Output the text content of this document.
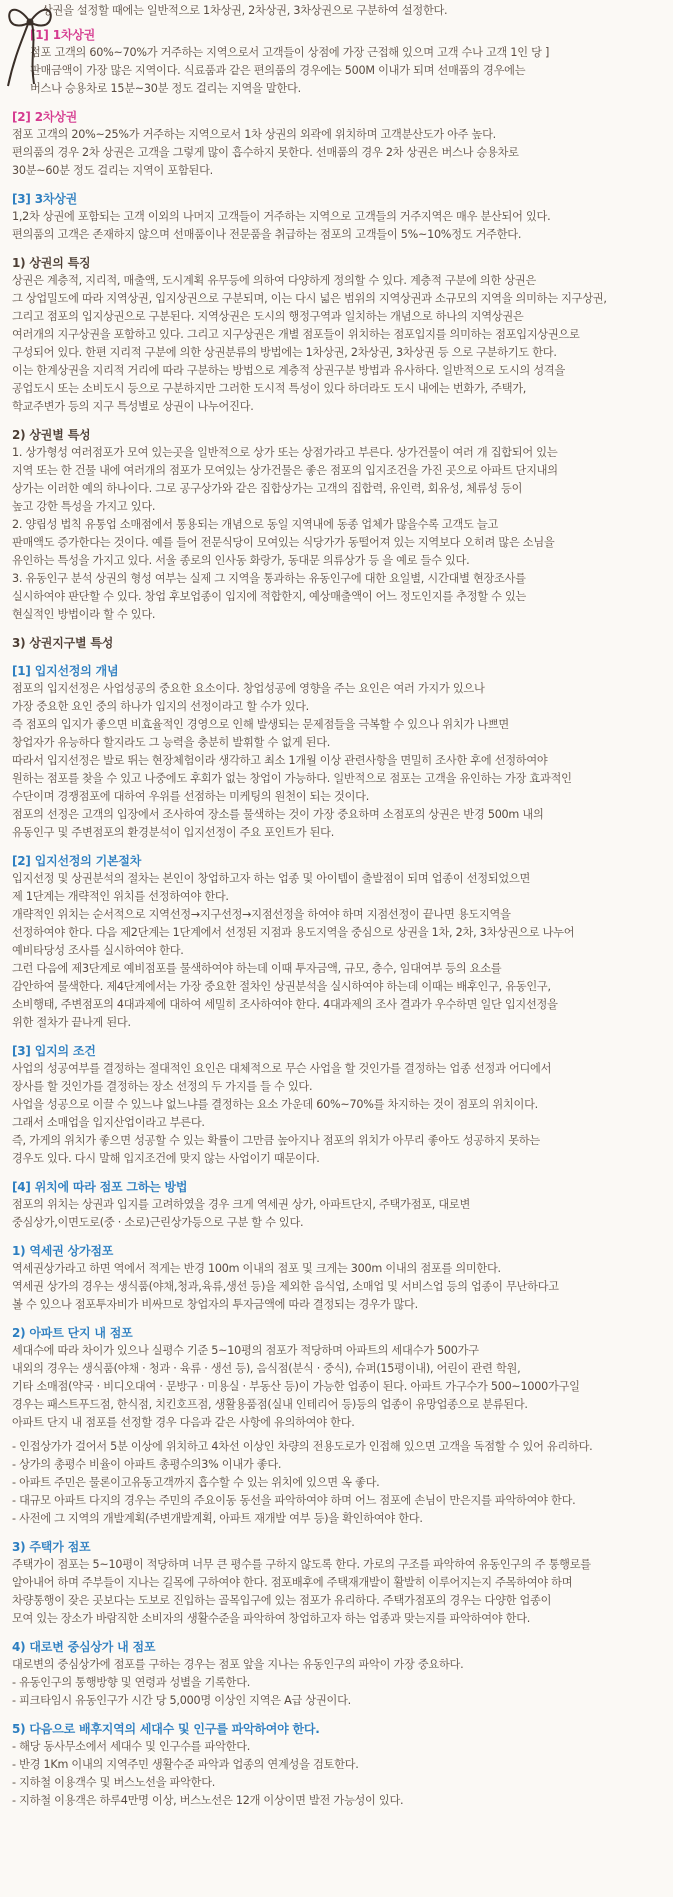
상권을 설정할 때에는 일반적으로 1차상권, 2차상권, 3차상권으로 구분하여 설정한다.
[1] 1차상권
점포 고객의 60%~70%가 거주하는 지역으로서 고객들이 상점에 가장 근접해 있으며 고객 수나 고객 1인 당 ]
판매금액이 가장 많은 지역이다. 식료품과 같은 편의품의 경우에는 500M 이내가 되며 선매품의 경우에는
버스나 승용차로 15분~30분 정도 걸리는 지역을 말한다.
[2] 2차상권
점포 고객의 20%~25%가 거주하는 지역으로서 1차 상권의 외곽에 위치하며 고객분산도가 아주 높다.
편의품의 경우 2차 상권은 고객을 그렇게 많이 흡수하지 못한다. 선매품의 경우 2차 상권은 버스나 승용차로
30분~60분 정도 걸리는 지역이 포함된다.
[3] 3차상권
1,2차 상권에 포함되는 고객 이외의 나머지 고객들이 거주하는 지역으로 고객들의 거주지역은 매우 분산되어 있다.
편의품의 고객은 존재하지 않으며 선매품이나 전문품을 취급하는 점포의 고객들이 5%~10%정도 거주한다.
1) 상권의 특징
상권은 계층적, 지리적, 매출액, 도시계획 유무등에 의하여 다양하게 정의할 수 있다. 계층적 구분에 의한 상권은
그 상업밀도에 따라 지역상권, 입지상권으로 구분되며, 이는 다시 넓은 범위의 지역상권과 소규모의 지역을 의미하는 지구상권,
그리고 점포의 입지상권으로 구분된다. 지역상권은 도시의 행정구역과 일치하는 개념으로 하나의 지역상권은
여러개의 지구상권을 포함하고 있다. 그리고 지구상권은 개별 점포들이 위치하는 점포입지를 의미하는 점포입지상권으로
구성되어 있다. 한편 지리적 구분에 의한 상권분류의 방법에는 1차상권, 2차상권, 3차상권 등 으로 구분하기도 한다.
이는 한계상권을 지리적 거리에 따라 구분하는 방법으로 계층적 상권구분 방법과 유사하다. 일반적으로 도시의 성격을
공업도시 또는 소비도시 등으로 구분하지만 그러한 도시적 특성이 있다 하더라도 도시 내에는 번화가, 주택가,
학교주변가 등의 지구 특성별로 상권이 나누어진다.
2) 상권별 특성
1. 상가형성 여러점포가 모여 있는곳을 일반적으로 상가 또는 상점가라고 부른다. 상가건물이 여러 개 집합되어 있는
지역 또는 한 건물 내에 여러개의 점포가 모여있는 상가건물은 좋은 점포의 입지조건을 가진 곳으로 아파트 단지내의
상가는 이러한 예의 하나이다. 그로 공구상가와 같은 집합상가는 고객의 집합력, 유인력, 회유성, 체류성 등이
높고 강한 특성을 가지고 있다.
2. 양립성 법칙 유통업 소매점에서 통용되는 개념으로 동일 지역내에 동종 업체가 많을수록 고객도 늘고
판매액도 증가한다는 것이다. 예를 들어 전문식당이 모여있는 식당가가 동떨어져 있는 지역보다 오히려 많은 소님을
유인하는 특성을 가지고 있다. 서울 종로의 인사동 화랑가, 동대문 의류상가 등 을 예로 들수 있다.
3. 유동인구 분석 상권의 형성 여부는 실제 그 지역을 통과하는 유동인구에 대한 요일별, 시간대별 현장조사를
실시하여야 판단할 수 있다. 창업 후보업종이 입지에 적합한지, 예상매출액이 어느 정도인지를 추정할 수 있는
현실적인 방법이라 할 수 있다.
3) 상권지구별 특성
[1] 입지선정의 개념
점포의 입지선정은 사업성공의 중요한 요소이다. 창업성공에 영향을 주는 요인은 여러 가지가 있으나
가장 중요한 요인 중의 하나가 입지의 선정이라고 할 수가 있다.
즉 점포의 입지가 좋으면 비효율적인 경영으로 인해 발생되는 문제점들을 극복할 수 있으나 위치가 나쁘면
창업자가 유능하다 할지라도 그 능력을 충분히 발휘할 수 없게 된다.
따라서 입지선정은 발로 뛰는 현장체험이라 생각하고 최소 1개월 이상 관련사항을 면밀히 조사한 후에 선정하여야
원하는 점포를 찾을 수 있고 나중에도 후회가 없는 창업이 가능하다. 일반적으로 점포는 고객을 유인하는 가장 효과적인
수단이며 경쟁점포에 대하여 우위를 선점하는 미케팅의 원천이 되는 것이다.
점포의 선정은 고객의 입장에서 조사하여 장소를 물색하는 것이 가장 중요하며 소점포의 상권은 반경 500m 내의
유동인구 및 주변점포의 환경분석이 입지선정이 주요 포인트가 된다.
[2] 입지선정의 기본절차
입지선정 및 상권분석의 절차는 본인이 창업하고자 하는 업종 및 아이템이 출발점이 되며 업종이 선정되었으면
제 1단계는 개략적인 위치를 선정하여야 한다.
개략적인 위치는 순서적으로 지역선정→지구선정→지점선정을 하여야 하며 지점선정이 끝나면 용도지역을
선정하여야 한다. 다음 제2단계는 1단계에서 선정된 지점과 용도지역을 중심으로 상권을 1차, 2차, 3차상권으로 나누어
예비타당성 조사를 실시하여야 한다.
그런 다음에 제3단계로 예비점포를 물색하여야 하는데 이때 투자금액, 규모, 층수, 임대여부 등의 요소를
감안하여 물색한다. 제4단계에서는 가장 중요한 절차인 상권분석을 실시하여야 하는데 이때는 배후인구, 유동인구,
소비행태, 주변점포의 4대과제에 대하여 세밀히 조사하여야 한다. 4대과제의 조사 결과가 우수하면 일단 입지선정을
위한 절차가 끝나게 된다.
[3] 입지의 조건
사업의 성공여부를 결정하는 절대적인 요인은 대체적으로 무슨 사업을 할 것인가를 결정하는 업종 선정과 어디에서
장사를 할 것인가를 결정하는 장소 선정의 두 가지를 들 수 있다.
사업을 성공으로 이끌 수 있느냐 없느냐를 결정하는 요소 가운데 60%~70%를 차지하는 것이 점포의 위치이다.
그래서 소매업을 입지산업이라고 부른다.
즉, 가게의 위치가 좋으면 성공할 수 있는 확률이 그만큼 높아지나 점포의 위치가 아무리 좋아도 성공하지 못하는
경우도 있다. 다시 말해 입지조건에 맞지 않는 사업이기 때문이다.
[4] 위치에 따라 점포 그하는 방법
점포의 위치는 상권과 입지를 고려하였을 경우 크게 역세권 상가, 아파트단지, 주택가점포, 대로변
중심상가,이면도로(중 · 소로)근린상가등으로 구분 할 수 있다.
1) 역세권 상가점포
역세권상가라고 하면 역에서 적게는 반경 100m 이내의 점포 및 크게는 300m 이내의 점포를 의미한다.
역세권 상가의 경우는 생식품(야채,청과,육류,생선 등)을 제외한 음식업, 소매업 및 서비스업 등의 업종이 무난하다고
볼 수 있으나 점포투자비가 비싸므로 창업자의 투자금액에 따라 결정되는 경우가 많다.
2) 아파트 단지 내 점포
세대수에 따라 차이가 있으나 실평수 기준 5~10평의 점포가 적당하며 아파트의 세대수가 500가구
내외의 경우는 생식품(야채 · 청과 · 육류 · 생선 등), 음식점(분식 · 중식), 슈퍼(15평이내), 어린이 관련 학원,
기타 소매점(약국 · 비디오대여 · 문방구 · 미용실 · 부동산 등)이 가능한 업종이 된다. 아파트 가구수가 500~1000가구일
경우는 패스트푸드점, 한식점, 치킨호프점, 생활용품점(실내 인테리어 등)등의 업종이 유망업종으로 분류된다.
아파트 단지 내 점포를 선정할 경우 다음과 같은 사항에 유의하여야 한다.
- 인접상가가 걸어서 5분 이상에 위치하고 4차선 이상인 차량의 전용도로가 인접해 있으면 고객을 독점할 수 있어 유리하다.
- 상가의 총평수 비율이 아파트 총평수의3% 이내가 좋다.
- 아파트 주민은 물론이고유동고객까지 흡수할 수 있는 위치에 있으면 옥 좋다.
- 대규모 아파트 다지의 경우는 주민의 주요이동 동선을 파악하여야 하며 어느 점포에 손님이 만은지를 파악하여야 한다.
- 사전에 그 지역의 개발계획(주변개발계획, 아파트 재개발 여부 등)을 확인하여야 한다.
3) 주택가 점포
주택가이 점포는 5~10평이 적당하며 너무 큰 평수를 구하지 않도록 한다. 가로의 구조를 파악하여 유동인구의 주 통행로를
알아내어 하며 주부들이 지나는 길목에 구하여야 한다. 점포배후에 주택재개발이 활발히 이루어지는지 주목하여야 하며
차량통행이 잦은 곳보다는 도보로 진입하는 골목입구에 있는 점포가 유리하다. 주택가점포의 경우는 다양한 업종이
모여 있는 장소가 바람직한 소비자의 생활수준을 파악하여 창업하고자 하는 업종과 맞는지를 파악하여야 한다.
4) 대로변 중심상가 내 점포
대로변의 중심상가에 점포를 구하는 경우는 점포 앞을 지나는 유동인구의 파악이 가장 중요하다.
- 유동인구의 통행방향 및 연령과 성별을 기록한다.
- 피크타임시 유동인구가 시간 당 5,000명 이상인 지역은 A급 상권이다.
5) 다음으로 배후지역의 세대수 및 인구를 파악하여야 한다.
- 해당 동사무소에서 세대수 및 인구수를 파악한다.
- 반경 1Km 이내의 지역주민 생활수준 파악과 업종의 연계성을 검토한다.
- 지하철 이용객수 및 버스노선을 파악한다.
- 지하철 이용객은 하루4만명 이상, 버스노선은 12개 이상이면 발전 가능성이 있다.
